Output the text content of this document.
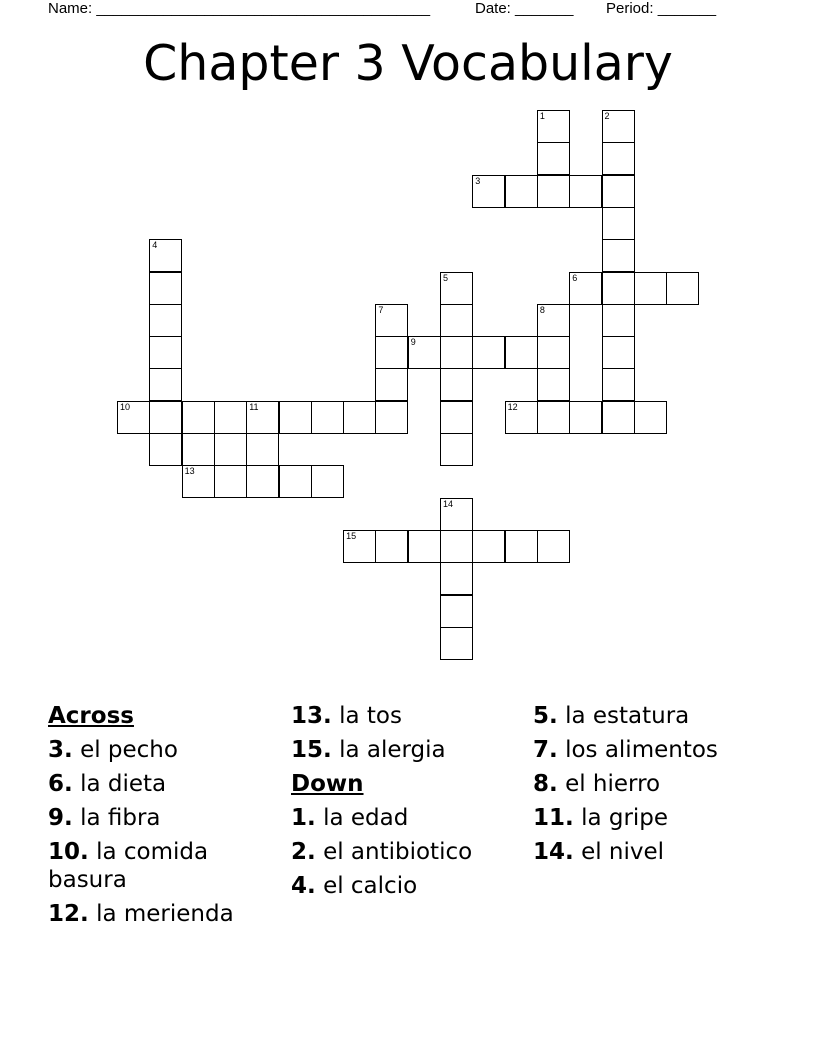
Name: ________________________________________	Date: _______ Period: _______
Chapter 3 Vocabulary
1	2
3
4
5	6
7	8
9
10	11	12
13
14
15
Across
3. el pecho
6. la dieta
9. la fibra
10. la comida basura
12. la merienda
13. la tos
15. la alergia
Down
1. la edad
2. el antibiotico
4. el calcio
5. la estatura
7. los alimentos
8. el hierro
11. la gripe
14. el nivel
